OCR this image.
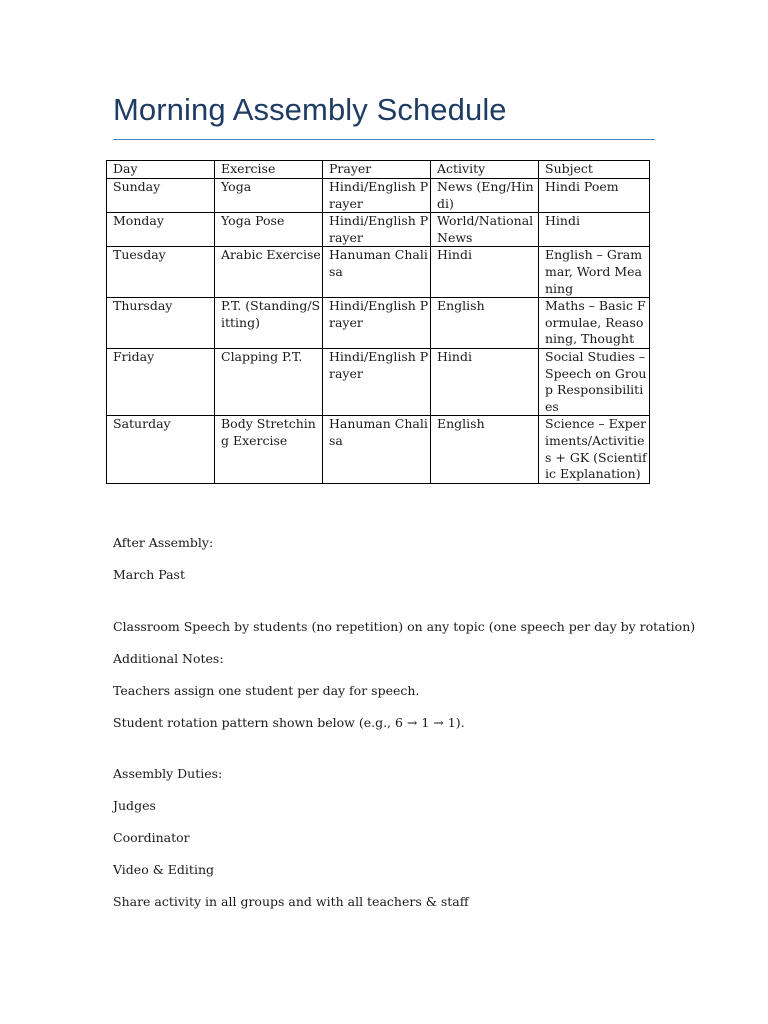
Morning Assembly Schedule
Day	Exercise	Prayer	Activity	Subject
Sunday	Yoga	Hindi/English Prayer	News (Eng/Hindi)	Hindi Poem
Monday	Yoga Pose	Hindi/English Prayer	World/National News	Hindi
Tuesday	Arabic Exercise	Hanuman Chalisa	Hindi	English – Grammar, Word Meaning
Thursday	P.T. (Standing/Sitting)	Hindi/English Prayer	English	Maths – Basic Formulae, Reasoning, Thought
Friday	Clapping P.T.	Hindi/English Prayer	Hindi	Social Studies – Speech on Group Responsibilities
Saturday	Body Stretching Exercise	Hanuman Chalisa	English	Science – Experiments/Activities + GK (Scientific Explanation)

After Assembly:

March Past

Classroom Speech by students (no repetition) on any topic (one speech per day by rotation)

Additional Notes:

Teachers assign one student per day for speech.

Student rotation pattern shown below (e.g., 6 → 1 → 1).

Assembly Duties:

Judges

Coordinator

Video & Editing

Share activity in all groups and with all teachers & staff
